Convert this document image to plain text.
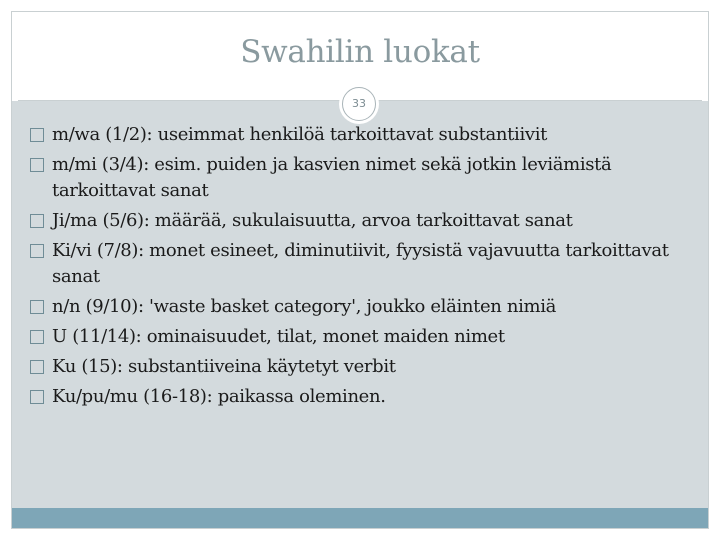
Swahilin luokat
33
m/wa (1/2): useimmat henkilöä tarkoittavat substantiivit
m/mi (3/4): esim. puiden ja kasvien nimet sekä jotkin leviämistä tarkoittavat sanat
Ji/ma (5/6): määrää, sukulaisuutta, arvoa tarkoittavat sanat
Ki/vi (7/8): monet esineet, diminutiivit, fyysistä vajavuutta tarkoittavat sanat
n/n (9/10): 'waste basket category', joukko eläinten nimiä
U (11/14): ominaisuudet, tilat, monet maiden nimet
Ku (15): substantiiveina käytetyt verbit
Ku/pu/mu (16-18): paikassa oleminen.
